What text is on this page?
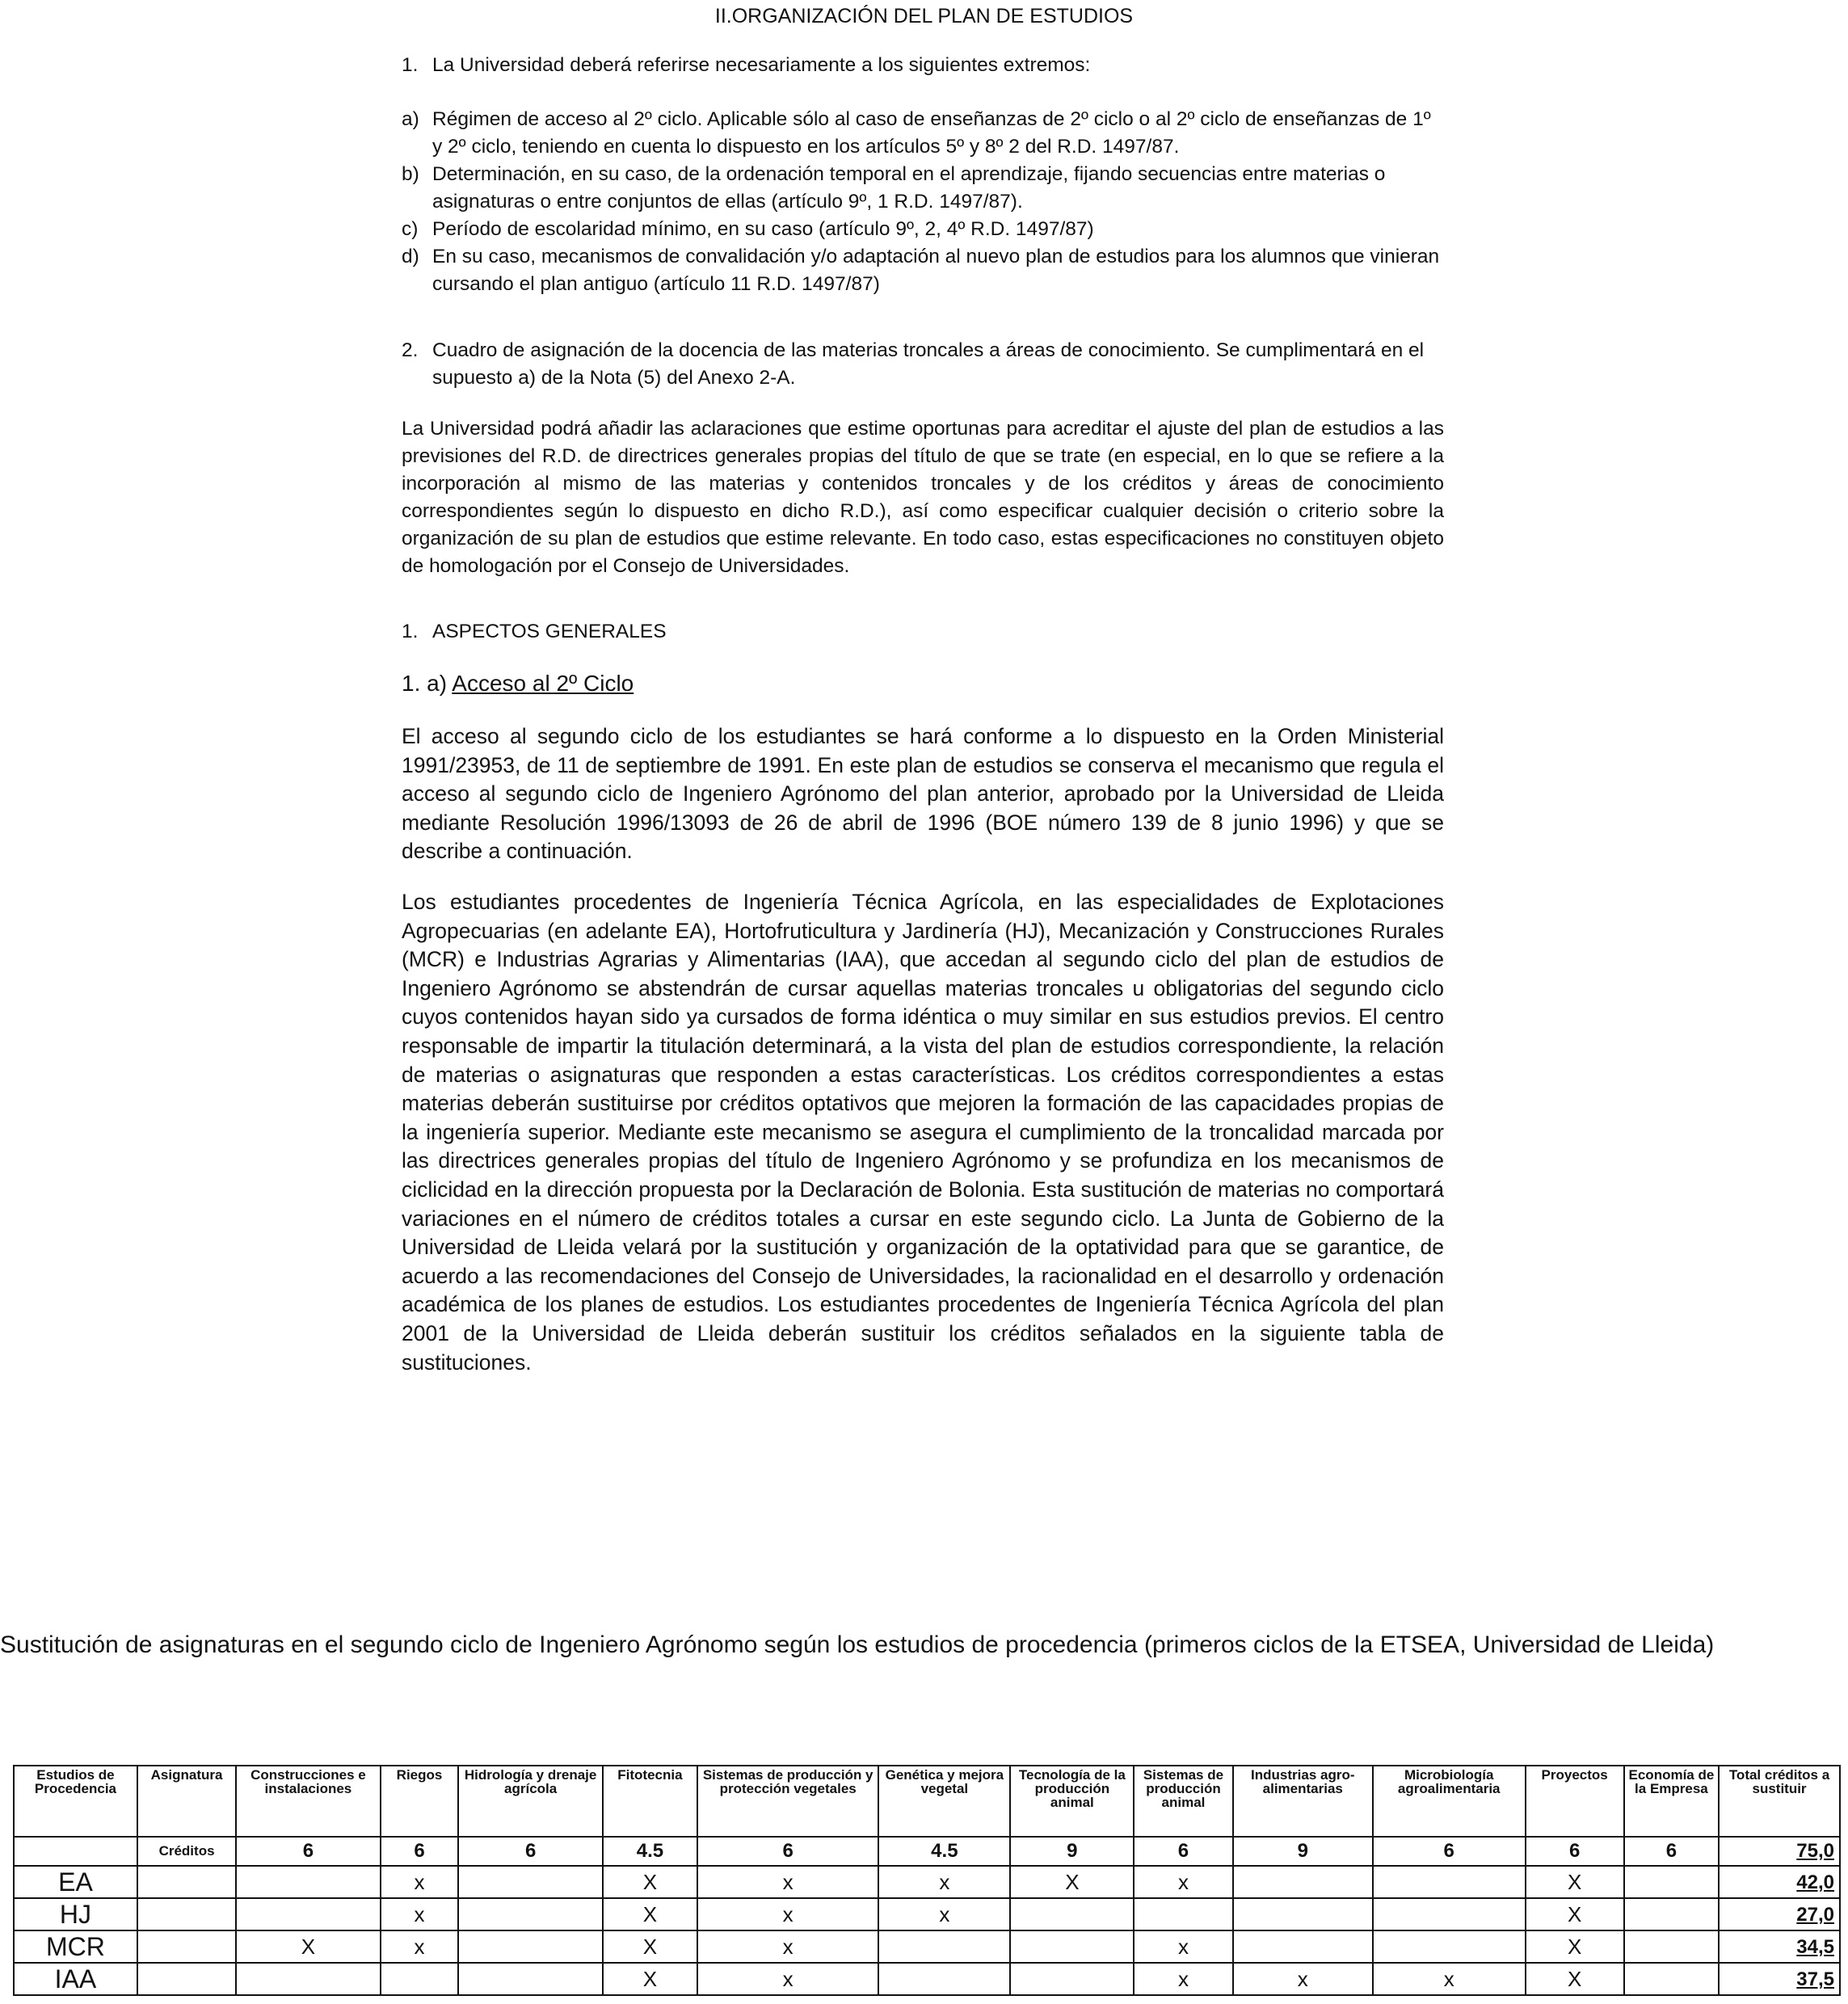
II.ORGANIZACIÓN DEL PLAN DE ESTUDIOS
1. La Universidad deberá referirse necesariamente a los siguientes extremos:
a) Régimen de acceso al 2º ciclo. Aplicable sólo al caso de enseñanzas de 2º ciclo o al 2º ciclo de enseñanzas de 1º y 2º ciclo, teniendo en cuenta lo dispuesto en los artículos 5º y 8º 2 del R.D. 1497/87.
b) Determinación, en su caso, de la ordenación temporal en el aprendizaje, fijando secuencias entre materias o asignaturas o entre conjuntos de ellas (artículo 9º, 1 R.D. 1497/87).
c) Período de escolaridad mínimo, en su caso (artículo 9º, 2, 4º R.D. 1497/87)
d) En su caso, mecanismos de convalidación y/o adaptación al nuevo plan de estudios para los alumnos que vinieran cursando el plan antiguo (artículo 11 R.D. 1497/87)
2. Cuadro de asignación de la docencia de las materias troncales a áreas de conocimiento. Se cumplimentará en el supuesto a) de la Nota (5) del Anexo 2-A.
La Universidad podrá añadir las aclaraciones que estime oportunas para acreditar el ajuste del plan de estudios a las previsiones del R.D. de directrices generales propias del título de que se trate (en especial, en lo que se refiere a la incorporación al mismo de las materias y contenidos troncales y de los créditos y áreas de conocimiento correspondientes según lo dispuesto en dicho R.D.), así como especificar cualquier decisión o criterio sobre la organización de su plan de estudios que estime relevante. En todo caso, estas especificaciones no constituyen objeto de homologación por el Consejo de Universidades.
1. ASPECTOS GENERALES
1. a) Acceso al 2º Ciclo
El acceso al segundo ciclo de los estudiantes se hará conforme a lo dispuesto en la Orden Ministerial 1991/23953, de 11 de septiembre de 1991. En este plan de estudios se conserva el mecanismo que regula el acceso al segundo ciclo de Ingeniero Agrónomo del plan anterior, aprobado por la Universidad de Lleida mediante Resolución 1996/13093 de 26 de abril de 1996 (BOE número 139 de 8 junio 1996) y que se describe a continuación.
Los estudiantes procedentes de Ingeniería Técnica Agrícola, en las especialidades de Explotaciones Agropecuarias (en adelante EA), Hortofruticultura y Jardinería (HJ), Mecanización y Construcciones Rurales (MCR) e Industrias Agrarias y Alimentarias (IAA), que accedan al segundo ciclo del plan de estudios de Ingeniero Agrónomo se abstendrán de cursar aquellas materias troncales u obligatorias del segundo ciclo cuyos contenidos hayan sido ya cursados de forma idéntica o muy similar en sus estudios previos. El centro responsable de impartir la titulación determinará, a la vista del plan de estudios correspondiente, la relación de materias o asignaturas que responden a estas características. Los créditos correspondientes a estas materias deberán sustituirse por créditos optativos que mejoren la formación de las capacidades propias de la ingeniería superior. Mediante este mecanismo se asegura el cumplimiento de la troncalidad marcada por las directrices generales propias del título de Ingeniero Agrónomo y se profundiza en los mecanismos de ciclicidad en la dirección propuesta por la Declaración de Bolonia. Esta sustitución de materias no comportará variaciones en el número de créditos totales a cursar en este segundo ciclo. La Junta de Gobierno de la Universidad de Lleida velará por la sustitución y organización de la optatividad para que se garantice, de acuerdo a las recomendaciones del Consejo de Universidades, la racionalidad en el desarrollo y ordenación académica de los planes de estudios. Los estudiantes procedentes de Ingeniería Técnica Agrícola del plan 2001 de la Universidad de Lleida deberán sustituir los créditos señalados en la siguiente tabla de sustituciones.
Sustitución de asignaturas en el segundo ciclo de Ingeniero Agrónomo según los estudios de procedencia (primeros ciclos de la ETSEA, Universidad de Lleida)
Estudios de Procedencia	Asignatura	Construcciones e instalaciones	Riegos	Hidrología y drenaje agrícola	Fitotecnia	Sistemas de producción y protección vegetales	Genética y mejora vegetal	Tecnología de la producción animal	Sistemas de producción animal	Industrias agro-alimentarias	Microbiología agroalimentaria	Proyectos	Economía de la Empresa	Total créditos a sustituir
	Créditos	6	6	6	4.5	6	4.5	9	6	9	6	6	6	75,0
EA			x		X	x	x	X	x			X		42,0
HJ			x		X	x	x					X		27,0
MCR		X	x		X	x			x			X		34,5
IAA					X	x			x	x	x	X		37,5
